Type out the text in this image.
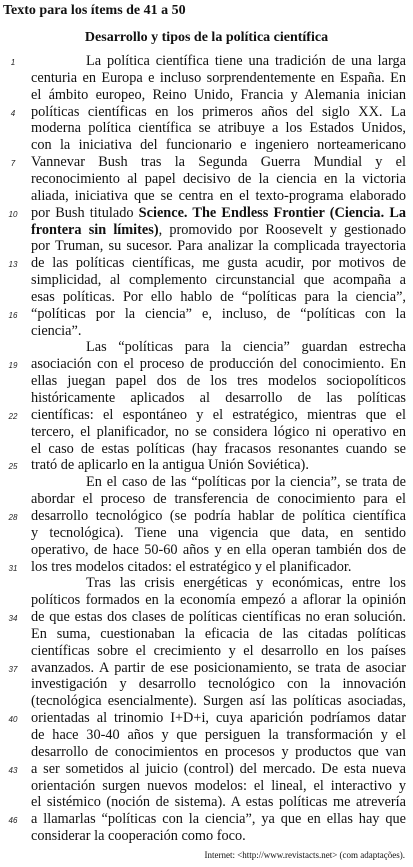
Texto para los ítems de 41 a 50
Desarrollo y tipos de la política científica
La política científica tiene una tradición de una larga
centuria en Europa e incluso sorprendentemente en España. En
el ámbito europeo, Reino Unido, Francia y Alemania inician
políticas científicas en los primeros años del siglo XX. La
moderna política científica se atribuye a los Estados Unidos,
con la iniciativa del funcionario e ingeniero norteamericano
Vannevar Bush tras la Segunda Guerra Mundial y el
reconocimiento al papel decisivo de la ciencia en la victoria
aliada, iniciativa que se centra en el texto-programa elaborado
por Bush titulado Science. The Endless Frontier (Ciencia. La
frontera sin límites), promovido por Roosevelt y gestionado
por Truman, su sucesor. Para analizar la complicada trayectoria
de las políticas científicas, me gusta acudir, por motivos de
simplicidad, al complemento circunstancial que acompaña a
esas políticas. Por ello hablo de “políticas para la ciencia”,
“políticas por la ciencia” e, incluso, de “políticas con la
ciencia”.
Las “políticas para la ciencia” guardan estrecha
asociación con el proceso de producción del conocimiento. En
ellas juegan papel dos de los tres modelos sociopolíticos
históricamente aplicados al desarrollo de las políticas
científicas: el espontáneo y el estratégico, mientras que el
tercero, el planificador, no se considera lógico ni operativo en
el caso de estas políticas (hay fracasos resonantes cuando se
trató de aplicarlo en la antigua Unión Soviética).
En el caso de las “políticas por la ciencia”, se trata de
abordar el proceso de transferencia de conocimiento para el
desarrollo tecnológico (se podría hablar de política científica
y tecnológica). Tiene una vigencia que data, en sentido
operativo, de hace 50-60 años y en ella operan también dos de
los tres modelos citados: el estratégico y el planificador.
Tras las crisis energéticas y económicas, entre los
políticos formados en la economía empezó a aflorar la opinión
de que estas dos clases de políticas científicas no eran solución.
En suma, cuestionaban la eficacia de las citadas políticas
científicas sobre el crecimiento y el desarrollo en los países
avanzados. A partir de ese posicionamiento, se trata de asociar
investigación y desarrollo tecnológico con la innovación
(tecnológica esencialmente). Surgen así las políticas asociadas,
orientadas al trinomio I+D+i, cuya aparición podríamos datar
de hace 30-40 años y que persiguen la transformación y el
desarrollo de conocimientos en procesos y productos que van
a ser sometidos al juicio (control) del mercado. De esta nueva
orientación surgen nuevos modelos: el lineal, el interactivo y
el sistémico (noción de sistema). A estas políticas me atrevería
a llamarlas “políticas con la ciencia”, ya que en ellas hay que
considerar la cooperación como foco.
1
4
7
10
13
16
19
22
25
28
31
34
37
40
43
46
Internet: <http://www.revistacts.net> (com adaptações).
